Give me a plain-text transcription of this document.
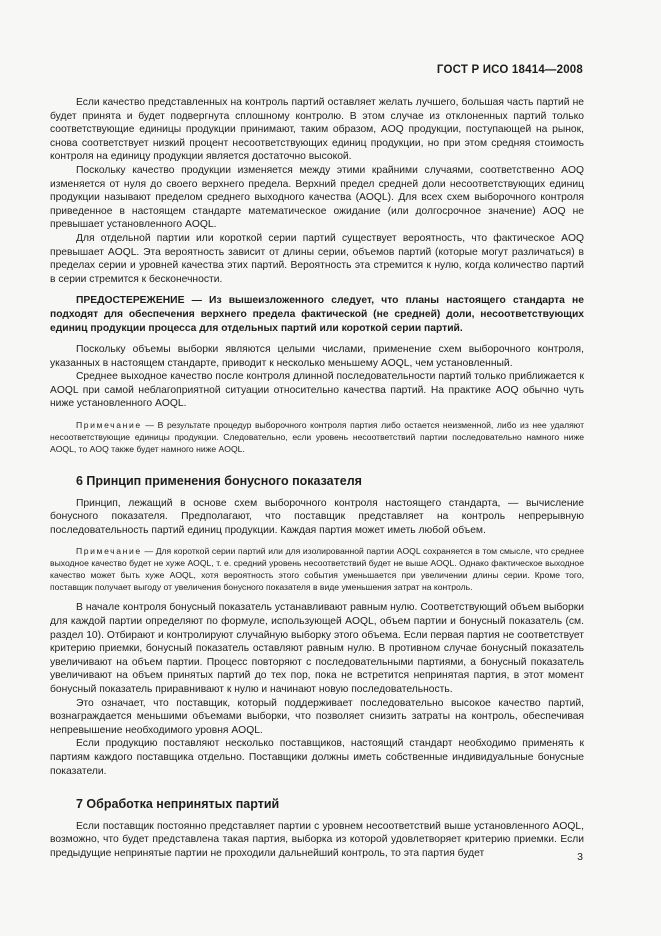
ГОСТ Р ИСО 18414—2008

Если качество представленных на контроль партий оставляет желать лучшего, большая часть партий не будет принята и будет подвергнута сплошному контролю. В этом случае из отклоненных партий только соответствующие единицы продукции принимают, таким образом, AOQ продукции, поступающей на рынок, снова соответствует низкий процент несоответствующих единиц продукции, но при этом средняя стоимость контроля на единицу продукции является достаточно высокой.

Поскольку качество продукции изменяется между этими крайними случаями, соответственно AOQ изменяется от нуля до своего верхнего предела. Верхний предел средней доли несоответствующих единиц продукции называют пределом среднего выходного качества (AOQL). Для всех схем выборочного контроля приведенное в настоящем стандарте математическое ожидание (или долгосрочное значение) AOQ не превышает установленного AOQL.

Для отдельной партии или короткой серии партий существует вероятность, что фактическое AOQ превышает AOQL. Эта вероятность зависит от длины серии, объемов партий (которые могут различаться) в пределах серии и уровней качества этих партий. Вероятность эта стремится к нулю, когда количество партий в серии стремится к бесконечности.

ПРЕДОСТЕРЕЖЕНИЕ — Из вышеизложенного следует, что планы настоящего стандарта не подходят для обеспечения верхнего предела фактической (не средней) доли, несоответствующих единиц продукции процесса для отдельных партий или короткой серии партий.

Поскольку объемы выборки являются целыми числами, применение схем выборочного контроля, указанных в настоящем стандарте, приводит к несколько меньшему AOQL, чем установленный.

Среднее выходное качество после контроля длинной последовательности партий только приближается к AOQL при самой неблагоприятной ситуации относительно качества партий. На практике AOQ обычно чуть ниже установленного AOQL.

Примечание — В результате процедур выборочного контроля партия либо остается неизменной, либо из нее удаляют несоответствующие единицы продукции. Следовательно, если уровень несоответствий партии последовательно намного ниже AOQL, то AOQ также будет намного ниже AOQL.
6 Принцип применения бонусного показателя

Принцип, лежащий в основе схем выборочного контроля настоящего стандарта, — вычисление бонусного показателя. Предполагают, что поставщик представляет на контроль непрерывную последовательность партий единиц продукции. Каждая партия может иметь любой объем.

Примечание — Для короткой серии партий или для изолированной партии AOQL сохраняется в том смысле, что среднее выходное качество будет не хуже AOQL, т. е. средний уровень несоответствий будет не выше AOQL. Однако фактическое выходное качество может быть хуже AOQL, хотя вероятность этого события уменьшается при увеличении длины серии. Кроме того, поставщик получает выгоду от увеличения бонусного показателя в виде уменьшения затрат на контроль.

В начале контроля бонусный показатель устанавливают равным нулю. Соответствующий объем выборки для каждой партии определяют по формуле, использующей AOQL, объем партии и бонусный показатель (см. раздел 10). Отбирают и контролируют случайную выборку этого объема. Если первая партия не соответствует критерию приемки, бонусный показатель оставляют равным нулю. В противном случае бонусный показатель увеличивают на объем партии. Процесс повторяют с последовательными партиями, а бонусный показатель увеличивают на объем принятых партий до тех пор, пока не встретится непринятая партия, в этот момент бонусный показатель приравнивают к нулю и начинают новую последовательность.

Это означает, что поставщик, который поддерживает последовательно высокое качество партий, вознаграждается меньшими объемами выборки, что позволяет снизить затраты на контроль, обеспечивая непревышение необходимого уровня AOQL.

Если продукцию поставляют несколько поставщиков, настоящий стандарт необходимо применять к партиям каждого поставщика отдельно. Поставщики должны иметь собственные индивидуальные бонусные показатели.

7 Обработка непринятых партий

Если поставщик постоянно представляет партии с уровнем несоответствий выше установленного AOQL, возможно, что будет представлена такая партия, выборка из которой удовлетворяет критерию приемки. Если предыдущие непринятые партии не проходили дальнейший контроль, то эта партия будет	3
